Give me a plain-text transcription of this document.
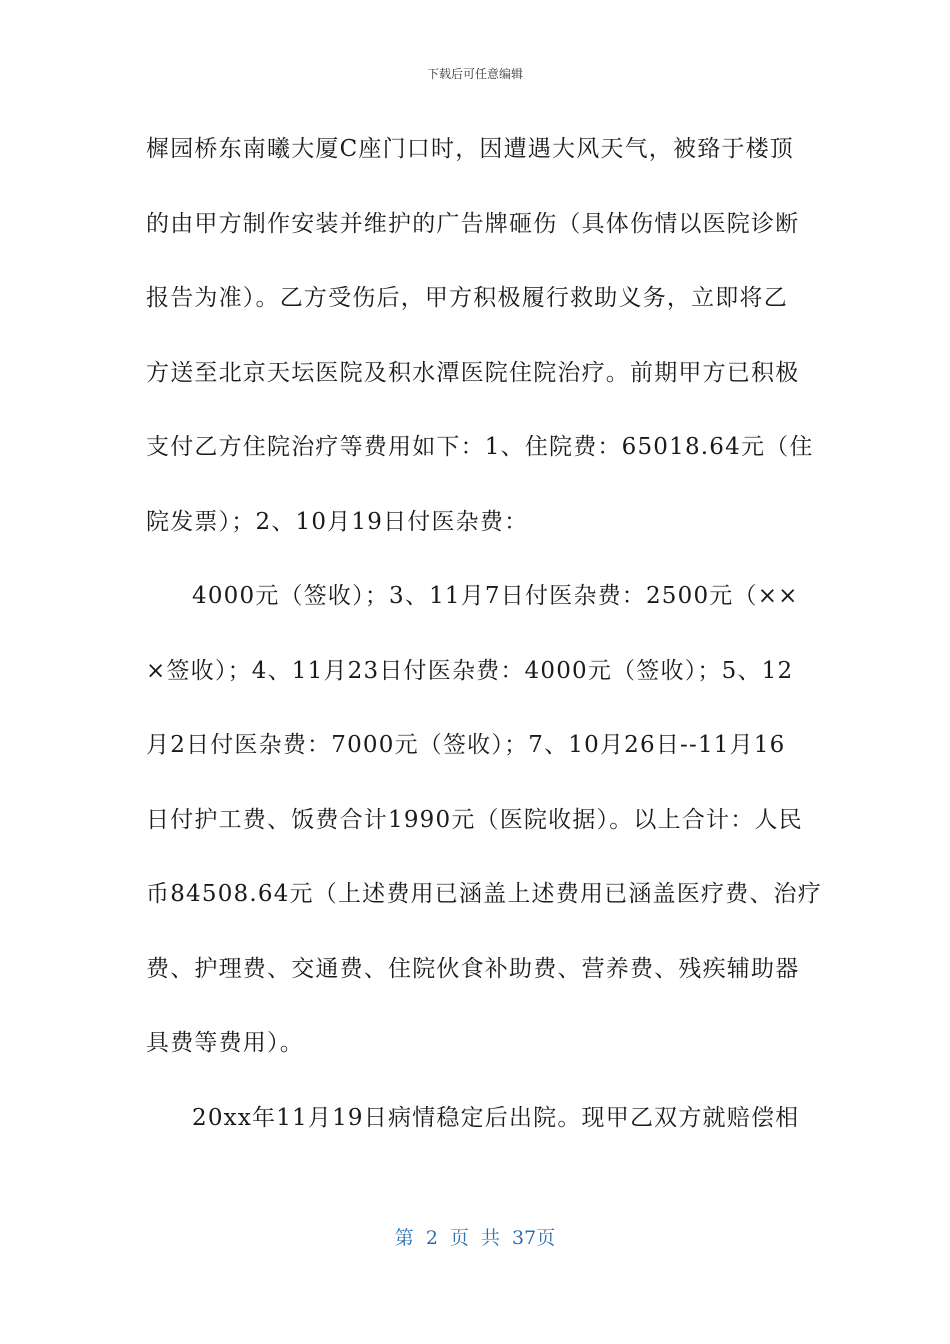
下载后可任意编辑
樨园桥东南曦大厦C座门口时，因遭遇大风天气，被臵于楼顶
的由甲方制作安装并维护的广告牌砸伤（具体伤情以医院诊断
报告为准）。乙方受伤后，甲方积极履行救助义务，立即将乙
方送至北京天坛医院及积水潭医院住院治疗。前期甲方已积极
支付乙方住院治疗等费用如下：1、住院费：65018.64元（住
院发票）；2、10月19日付医杂费：
4000元（签收）；3、11月7日付医杂费：2500元（××
×签收）；4、11月23日付医杂费：4000元（签收）；5、12
月2日付医杂费：7000元（签收）；7、10月26日--11月16
日付护工费、饭费合计1990元（医院收据）。以上合计：人民
币84508.64元（上述费用已涵盖上述费用已涵盖医疗费、治疗
费、护理费、交通费、住院伙食补助费、营养费、残疾辅助器
具费等费用）。
20xx年11月19日病情稳定后出院。现甲乙双方就赔偿相
第 2 页 共 37页
